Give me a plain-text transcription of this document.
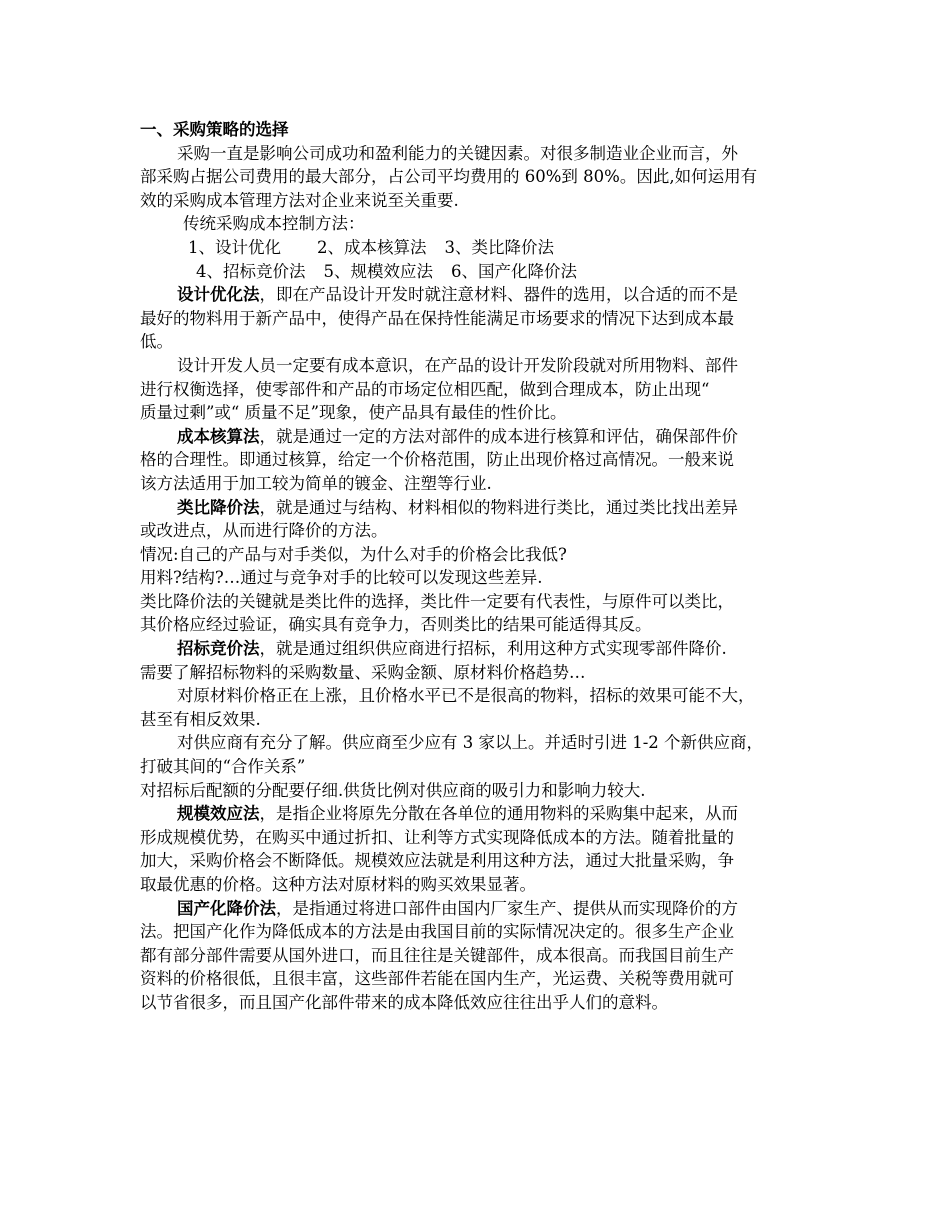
一、采购策略的选择
采购一直是影响公司成功和盈利能力的关键因素。对很多制造业企业而言，外
部采购占据公司费用的最大部分，占公司平均费用的 60%到 80%。因此,如何运用有
效的采购成本管理方法对企业来说至关重要.
传统采购成本控制方法：
1、设计优化 2、成本核算法 3、类比降价法
4、招标竞价法 5、规模效应法 6、国产化降价法
设计优化法，即在产品设计开发时就注意材料、器件的选用，以合适的而不是
最好的物料用于新产品中，使得产品在保持性能满足市场要求的情况下达到成本最
低。
设计开发人员一定要有成本意识，在产品的设计开发阶段就对所用物料、部件
进行权衡选择，使零部件和产品的市场定位相匹配，做到合理成本，防止出现“
质量过剩”或“ 质量不足”现象，使产品具有最佳的性价比。
成本核算法，就是通过一定的方法对部件的成本进行核算和评估，确保部件价
格的合理性。即通过核算，给定一个价格范围，防止出现价格过高情况。一般来说
该方法适用于加工较为简单的镀金、注塑等行业.
类比降价法，就是通过与结构、材料相似的物料进行类比，通过类比找出差异
或改进点，从而进行降价的方法。
情况:自己的产品与对手类似，为什么对手的价格会比我低?
用料?结构?…通过与竞争对手的比较可以发现这些差异.
类比降价法的关键就是类比件的选择，类比件一定要有代表性，与原件可以类比，
其价格应经过验证，确实具有竞争力，否则类比的结果可能适得其反。
招标竞价法，就是通过组织供应商进行招标，利用这种方式实现零部件降价.
需要了解招标物料的采购数量、采购金额、原材料价格趋势…
对原材料价格正在上涨，且价格水平已不是很高的物料，招标的效果可能不大，
甚至有相反效果.
对供应商有充分了解。供应商至少应有 3 家以上。并适时引进 1-2 个新供应商，
打破其间的“合作关系”
对招标后配额的分配要仔细.供货比例对供应商的吸引力和影响力较大.
规模效应法，是指企业将原先分散在各单位的通用物料的采购集中起来，从而
形成规模优势，在购买中通过折扣、让利等方式实现降低成本的方法。随着批量的
加大，采购价格会不断降低。规模效应法就是利用这种方法，通过大批量采购，争
取最优惠的价格。这种方法对原材料的购买效果显著。
国产化降价法，是指通过将进口部件由国内厂家生产、提供从而实现降价的方
法。把国产化作为降低成本的方法是由我国目前的实际情况决定的。很多生产企业
都有部分部件需要从国外进口，而且往往是关键部件，成本很高。而我国目前生产
资料的价格很低，且很丰富，这些部件若能在国内生产，光运费、关税等费用就可
以节省很多，而且国产化部件带来的成本降低效应往往出乎人们的意料。
